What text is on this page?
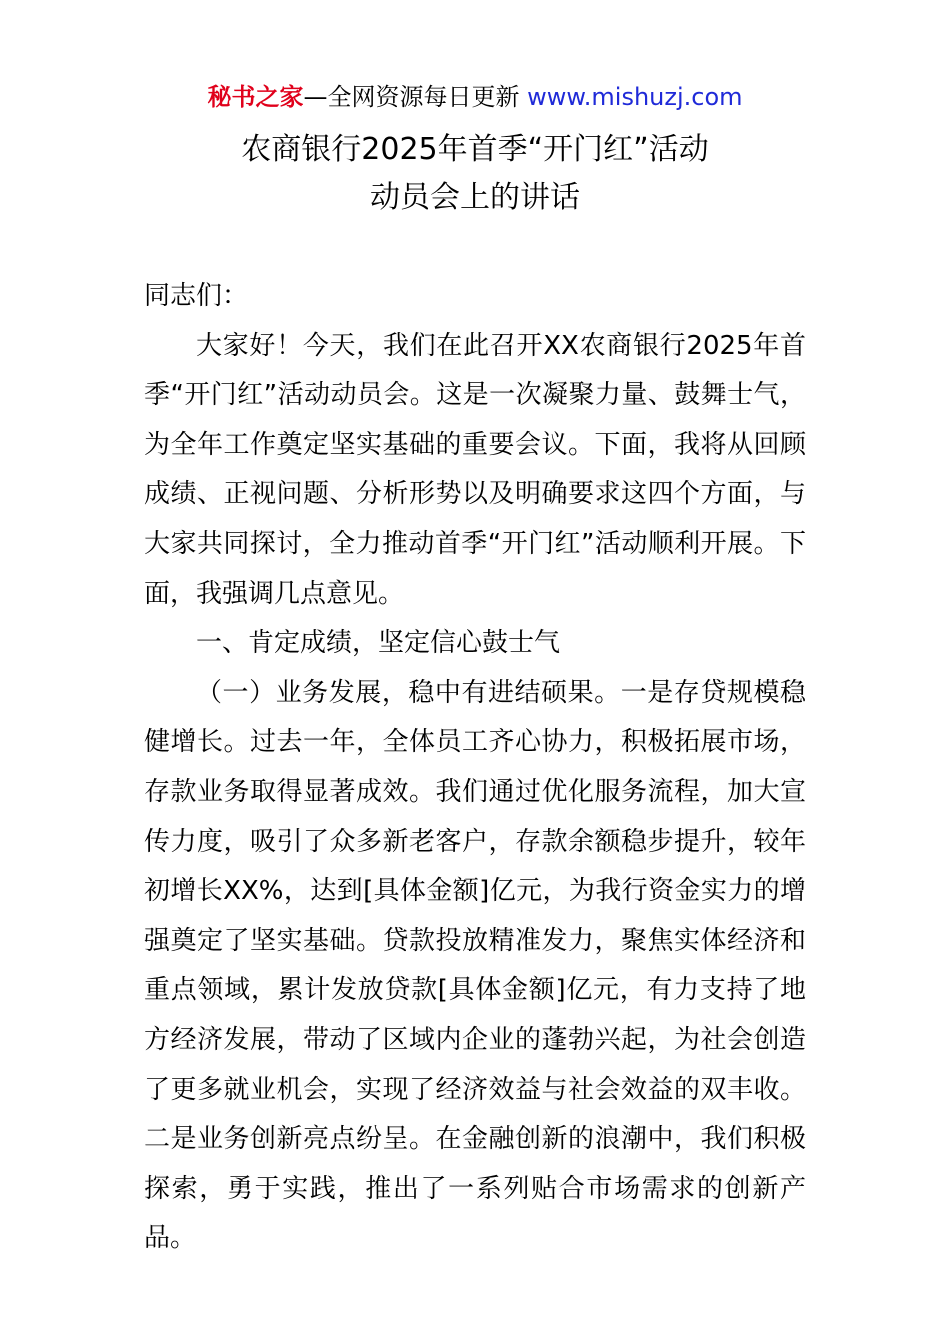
秘书之家—全网资源每日更新 www.mishuzj.com
农商银行2025年首季“开门红”活动
动员会上的讲话

同志们：

大家好！今天，我们在此召开XX农商银行2025年首季“开门红”活动动员会。这是一次凝聚力量、鼓舞士气，为全年工作奠定坚实基础的重要会议。下面，我将从回顾成绩、正视问题、分析形势以及明确要求这四个方面，与大家共同探讨，全力推动首季“开门红”活动顺利开展。下面，我强调几点意见。

一、肯定成绩，坚定信心鼓士气

（一）业务发展，稳中有进结硕果。一是存贷规模稳健增长。过去一年，全体员工齐心协力，积极拓展市场，存款业务取得显著成效。我们通过优化服务流程，加大宣传力度，吸引了众多新老客户，存款余额稳步提升，较年初增长XX%，达到[具体金额]亿元，为我行资金实力的增强奠定了坚实基础。贷款投放精准发力，聚焦实体经济和重点领域，累计发放贷款[具体金额]亿元，有力支持了地方经济发展，带动了区域内企业的蓬勃兴起，为社会创造了更多就业机会，实现了经济效益与社会效益的双丰收。二是业务创新亮点纷呈。在金融创新的浪潮中，我们积极探索，勇于实践，推出了一系列贴合市场需求的创新产品。
